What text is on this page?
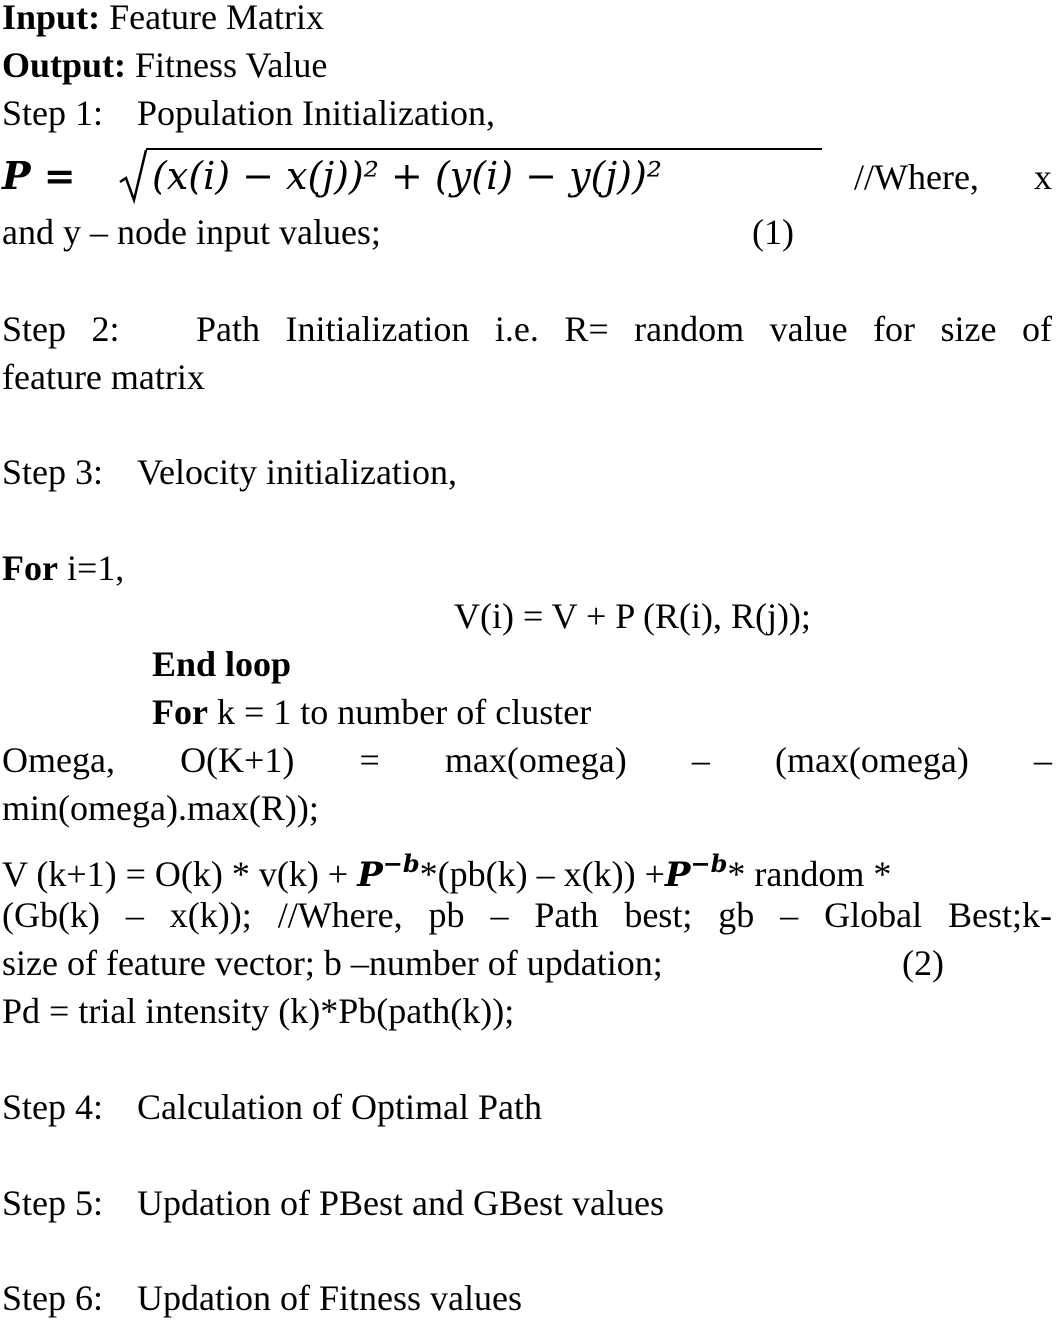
Input: Feature Matrix
Output: Fitness Value
Step 1: Population Initialization,
P = (x(i) − x(j))² + (y(i) − y(j))²	//Where, x
and y – node input values;	(1)
Step 2: Path Initialization i.e. R= random value for size of
feature matrix
Step 3: Velocity initialization,
For i=1,
V(i) = V + P (R(i), R(j));
End loop
For k = 1 to number of cluster
Omega, O(K+1) = max(omega) – (max(omega) –
min(omega).max(R));
V $(k+1) = O(k) * v(k) + P^{-b}*(pb(k) - x(k)) +P^{-b}*$ random *
(Gb(k) – x(k)); //Where, pb – Path best; gb – Global Best;k-
size of feature vector; b –number of updation;	(2)
Pd = trial intensity (k)*Pb(path(k));
Step 4: Calculation of Optimal Path
Step 5: Updation of PBest and GBest values
Step 6: Updation of Fitness values
